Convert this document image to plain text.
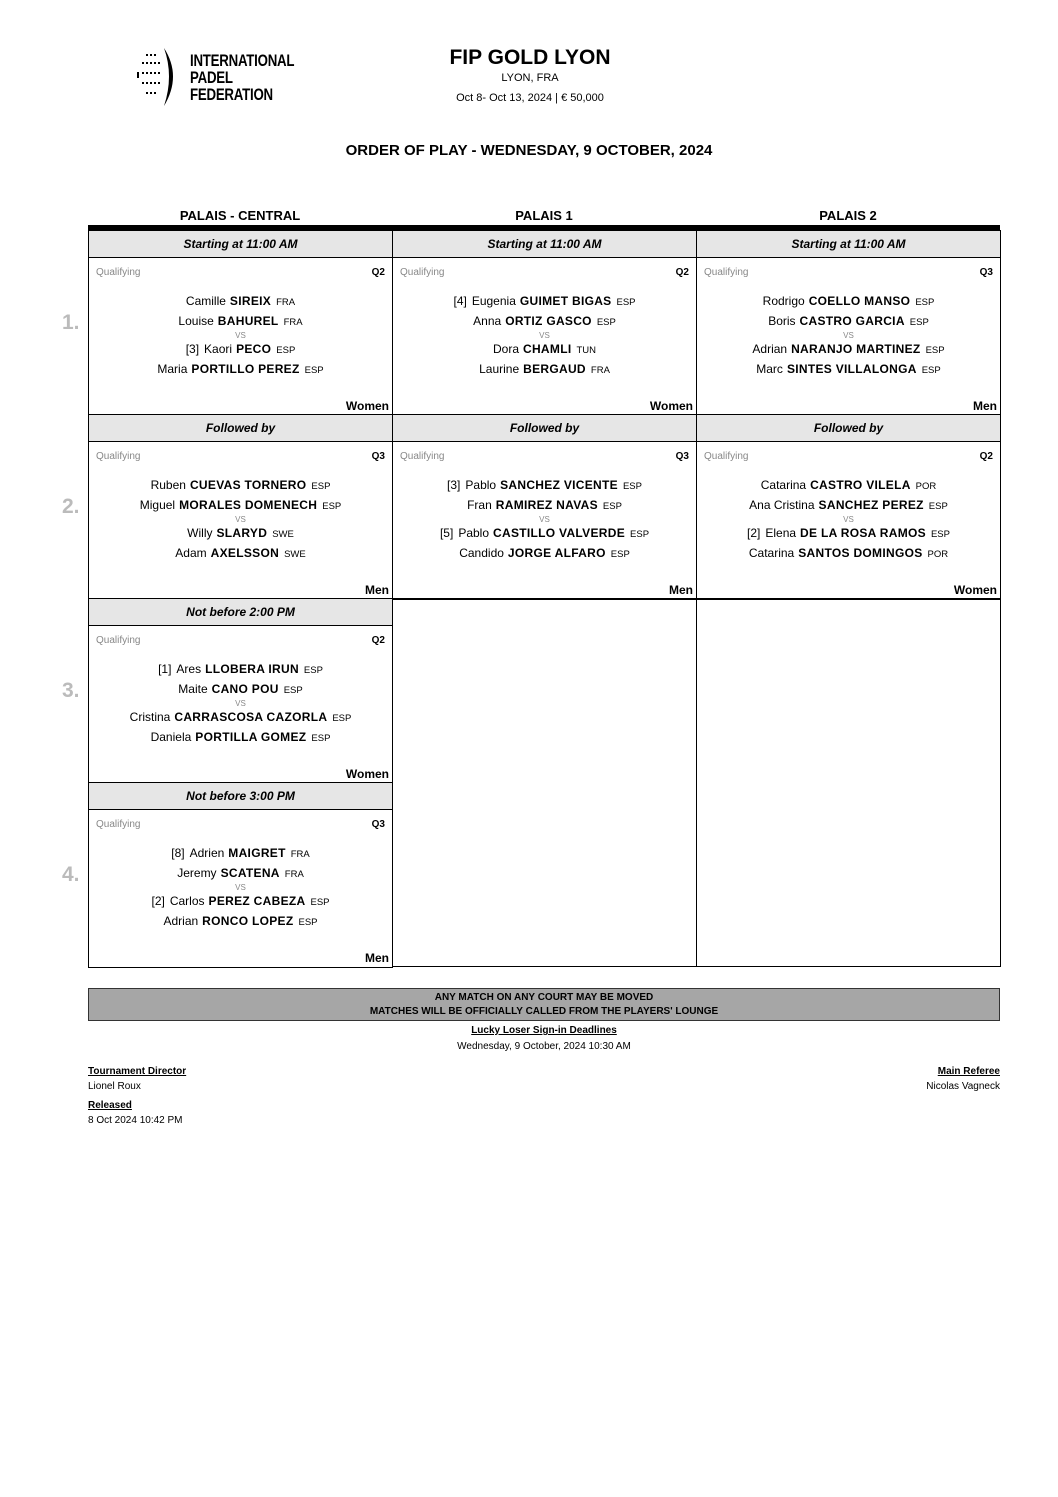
INTERNATIONAL
PADEL
FEDERATION
FIP GOLD LYON
LYON, FRA
Oct 8- Oct 13, 2024 | € 50,000
ORDER OF PLAY - WEDNESDAY, 9 OCTOBER, 2024
PALAIS - CENTRAL	PALAIS 1	PALAIS 2
1.
Starting at 11:00 AM
Qualifying	Q2
Camille SIREIX FRA
Louise BAHUREL FRA
[3] Kaori PECO ESP
Maria PORTILLO PEREZ ESP
VS
Women
Starting at 11:00 AM
Qualifying	Q2
[4] Eugenia GUIMET BIGAS ESP
Anna ORTIZ GASCO ESP
Dora CHAMLI TUN
Laurine BERGAUD FRA
VS
Women
Starting at 11:00 AM
Qualifying	Q3
Rodrigo COELLO MANSO ESP
Boris CASTRO GARCIA ESP
Adrian NARANJO MARTINEZ ESP
Marc SINTES VILLALONGA ESP
VS
Men
2.
Followed by
Qualifying	Q3
Ruben CUEVAS TORNERO ESP
Miguel MORALES DOMENECH ESP
Willy SLARYD SWE
Adam AXELSSON SWE
VS
Men
Followed by
Qualifying	Q3
[3] Pablo SANCHEZ VICENTE ESP
Fran RAMIREZ NAVAS ESP
[5] Pablo CASTILLO VALVERDE ESP
Candido JORGE ALFARO ESP
VS
Men
Followed by
Qualifying	Q2
Catarina CASTRO VILELA POR
Ana Cristina SANCHEZ PEREZ ESP
[2] Elena DE LA ROSA RAMOS ESP
Catarina SANTOS DOMINGOS POR
VS
Women
3.
Not before 2:00 PM
Qualifying	Q2
[1] Ares LLOBERA IRUN ESP
Maite CANO POU ESP
Cristina CARRASCOSA CAZORLA ESP
Daniela PORTILLA GOMEZ ESP
VS
Women
4.
Not before 3:00 PM
Qualifying	Q3
[8] Adrien MAIGRET FRA
Jeremy SCATENA FRA
[2] Carlos PEREZ CABEZA ESP
Adrian RONCO LOPEZ ESP
VS
Men
ANY MATCH ON ANY COURT MAY BE MOVED
MATCHES WILL BE OFFICIALLY CALLED FROM THE PLAYERS' LOUNGE
Lucky Loser Sign-in Deadlines
Wednesday, 9 October, 2024 10:30 AM
Tournament Director
Lionel Roux
Released
8 Oct 2024 10:42 PM
Main Referee
Nicolas Vagneck
